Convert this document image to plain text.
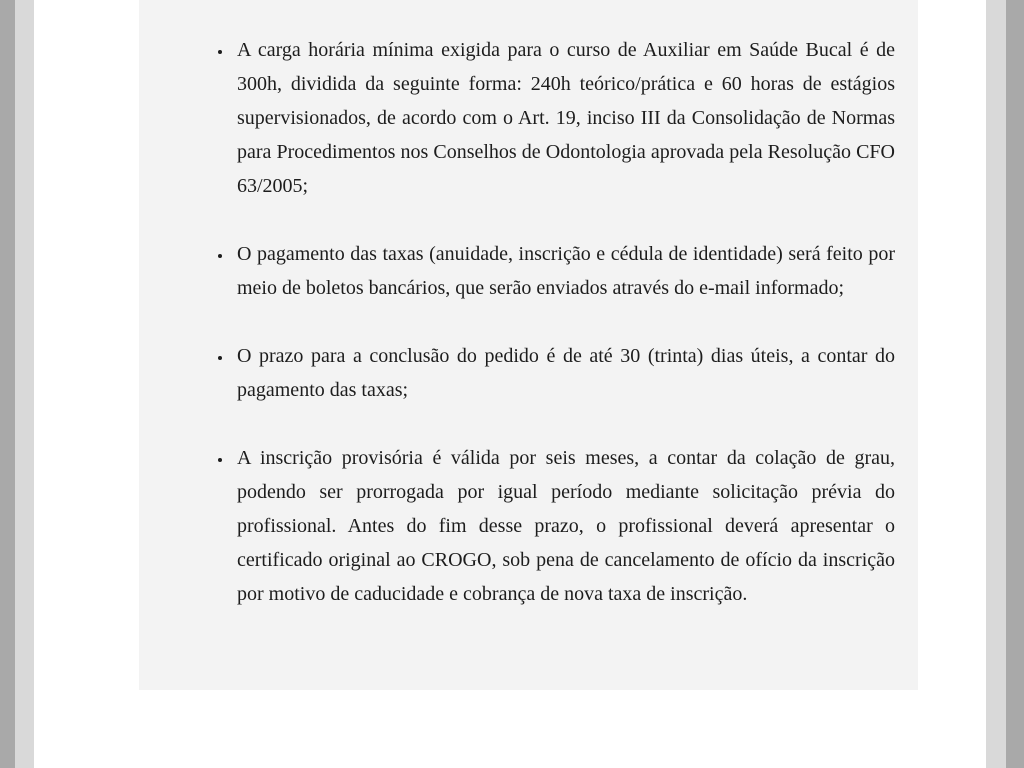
• A carga horária mínima exigida para o curso de Auxiliar em Saúde Bucal é de 300h, dividida da seguinte forma: 240h teórico/prática e 60 horas de estágios supervisionados, de acordo com o Art. 19, inciso III da Consolidação de Normas para Procedimentos nos Conselhos de Odontologia aprovada pela Resolução CFO 63/2005;
• O pagamento das taxas (anuidade, inscrição e cédula de identidade) será feito por meio de boletos bancários, que serão enviados através do e-mail informado;
• O prazo para a conclusão do pedido é de até 30 (trinta) dias úteis, a contar do pagamento das taxas;
• A inscrição provisória é válida por seis meses, a contar da colação de grau, podendo ser prorrogada por igual período mediante solicitação prévia do profissional. Antes do fim desse prazo, o profissional deverá apresentar o certificado original ao CROGO, sob pena de cancelamento de ofício da inscrição por motivo de caducidade e cobrança de nova taxa de inscrição.
